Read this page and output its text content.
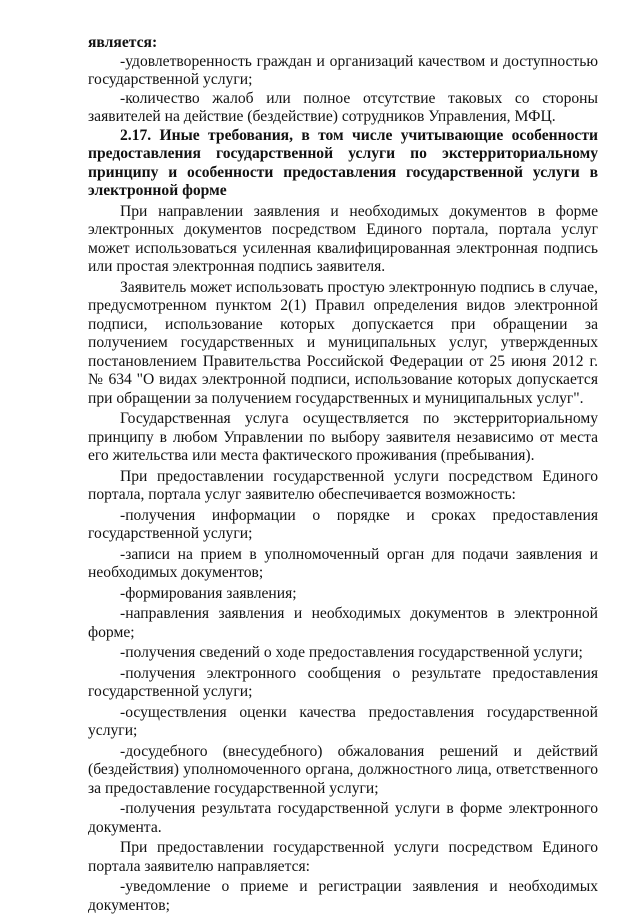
является:

-удовлетворенность граждан и организаций качеством и доступностью государственной услуги;

-количество жалоб или полное отсутствие таковых со стороны заявителей на действие (бездействие) сотрудников Управления, МФЦ.

2.17. Иные требования, в том числе учитывающие особенности предоставления государственной услуги по экстерриториальному принципу и особенности предоставления государственной услуги в электронной форме

При направлении заявления и необходимых документов в форме электронных документов посредством Единого портала, портала услуг может использоваться усиленная квалифицированная электронная подпись или простая электронная подпись заявителя.

Заявитель может использовать простую электронную подпись в случае, предусмотренном пунктом 2(1) Правил определения видов электронной подписи, использование которых допускается при обращении за получением государственных и муниципальных услуг, утвержденных постановлением Правительства Российской Федерации от 25 июня 2012 г. № 634 "О видах электронной подписи, использование которых допускается при обращении за получением государственных и муниципальных услуг".

Государственная услуга осуществляется по экстерриториальному принципу в любом Управлении по выбору заявителя независимо от места его жительства или места фактического проживания (пребывания).

При предоставлении государственной услуги посредством Единого портала, портала услуг заявителю обеспечивается возможность:

-получения информации о порядке и сроках предоставления государственной услуги;

-записи на прием в уполномоченный орган для подачи заявления и необходимых документов;

-формирования заявления;

-направления заявления и необходимых документов в электронной форме;

-получения сведений о ходе предоставления государственной услуги;

-получения электронного сообщения о результате предоставления государственной услуги;

-осуществления оценки качества предоставления государственной услуги;

-досудебного (внесудебного) обжалования решений и действий (бездействия) уполномоченного органа, должностного лица, ответственного за предоставление государственной услуги;

-получения результата государственной услуги в форме электронного документа.

При предоставлении государственной услуги посредством Единого портала заявителю направляется:

-уведомление о приеме и регистрации заявления и необходимых документов;
